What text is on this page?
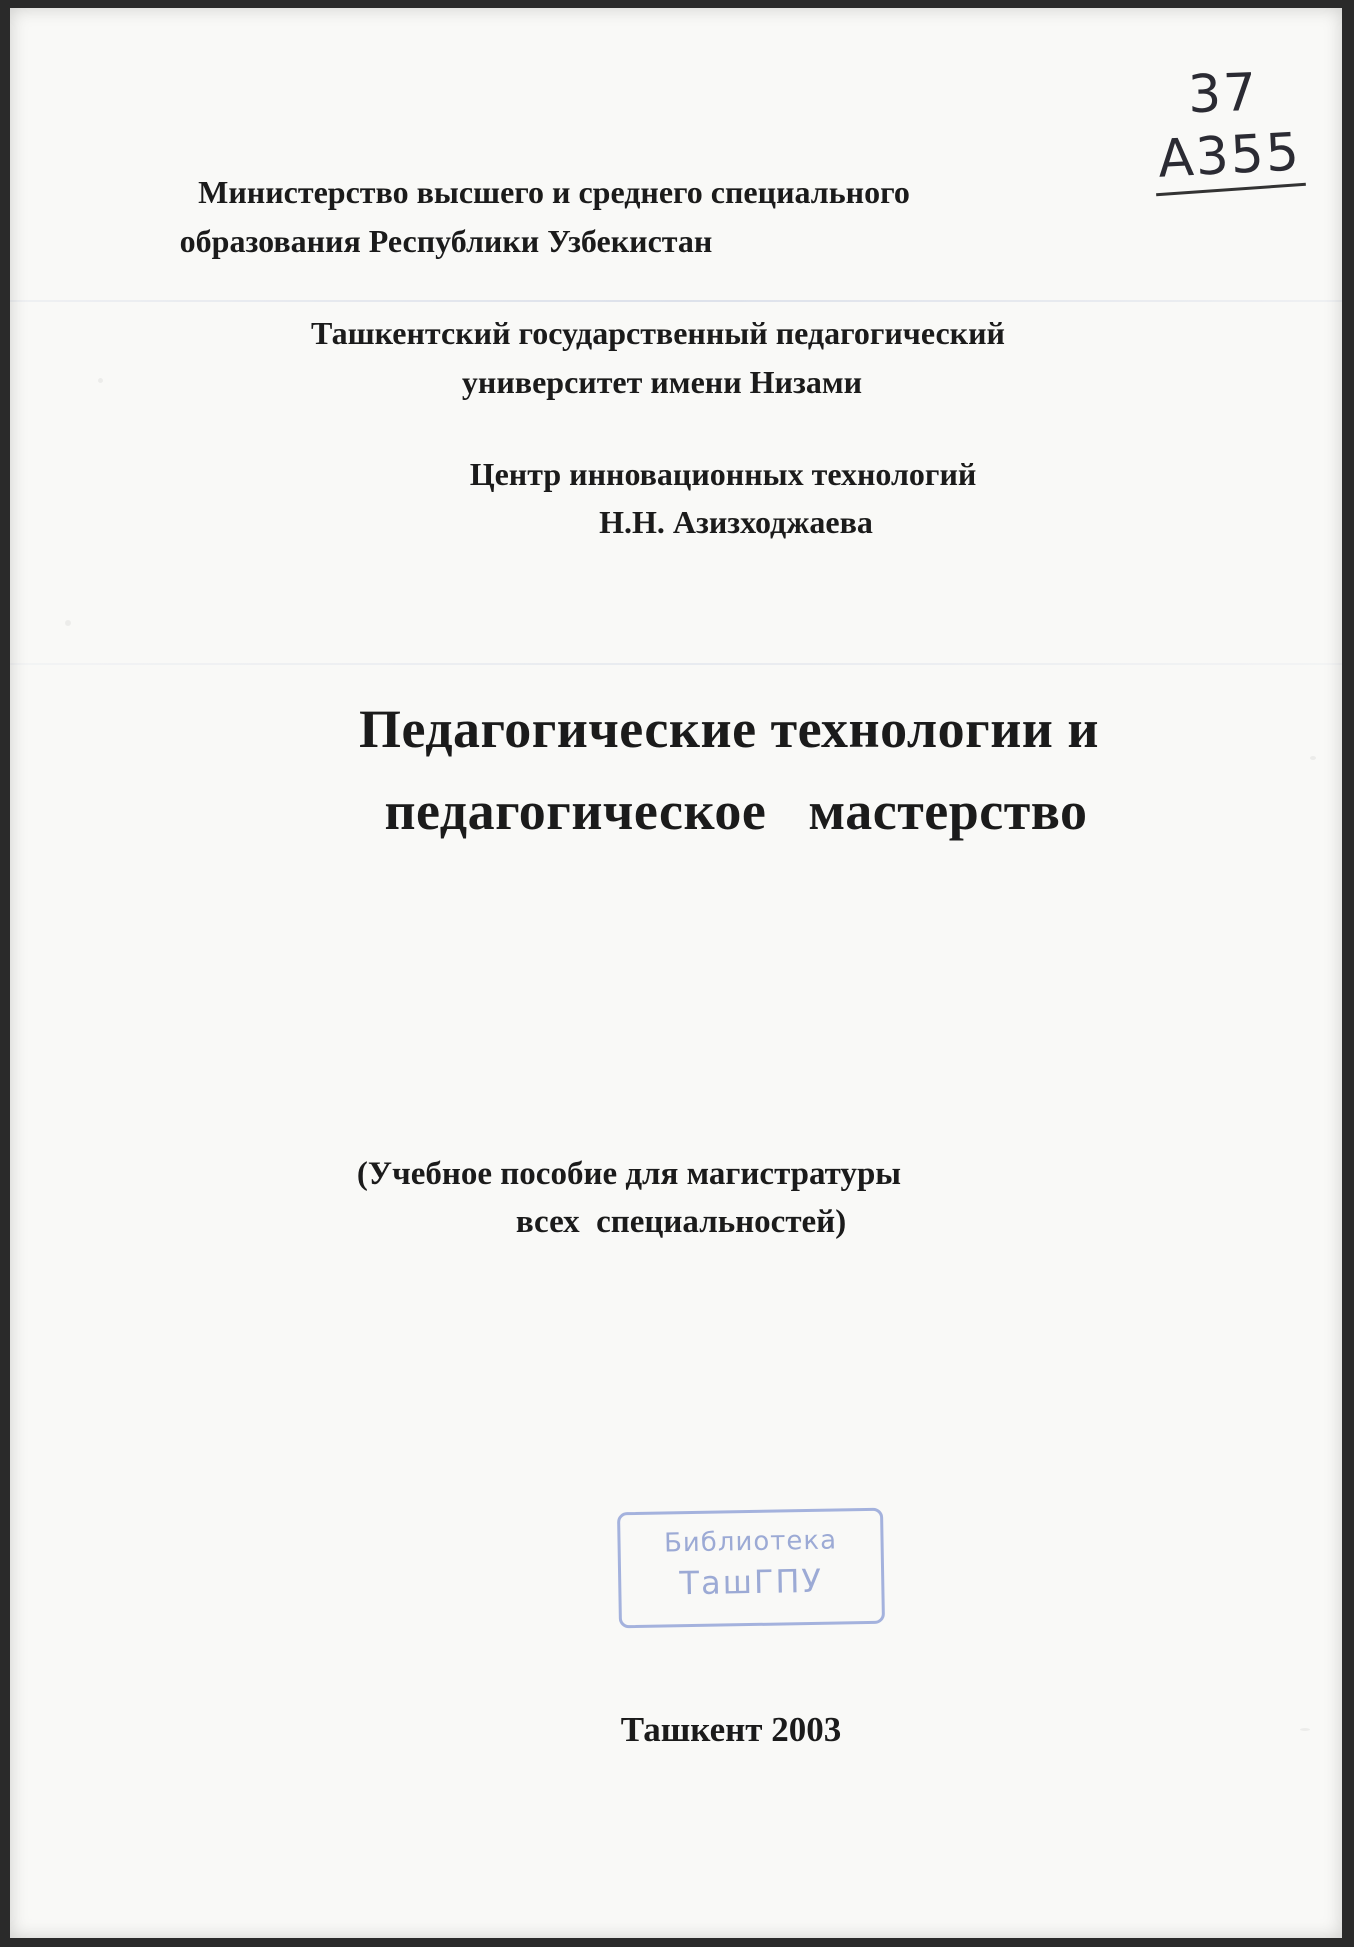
37
А355
Министерство высшего и среднего специального
образования Республики Узбекистан
Ташкентский государственный педагогический
университет имени Низами
Центр инновационных технологий
Н.Н. Азизходжаева
Педагогические технологии и
педагогическое   мастерство
(Учебное пособие для магистратуры
всех  специальностей)
Библиотека
ТашГПУ
Ташкент 2003
